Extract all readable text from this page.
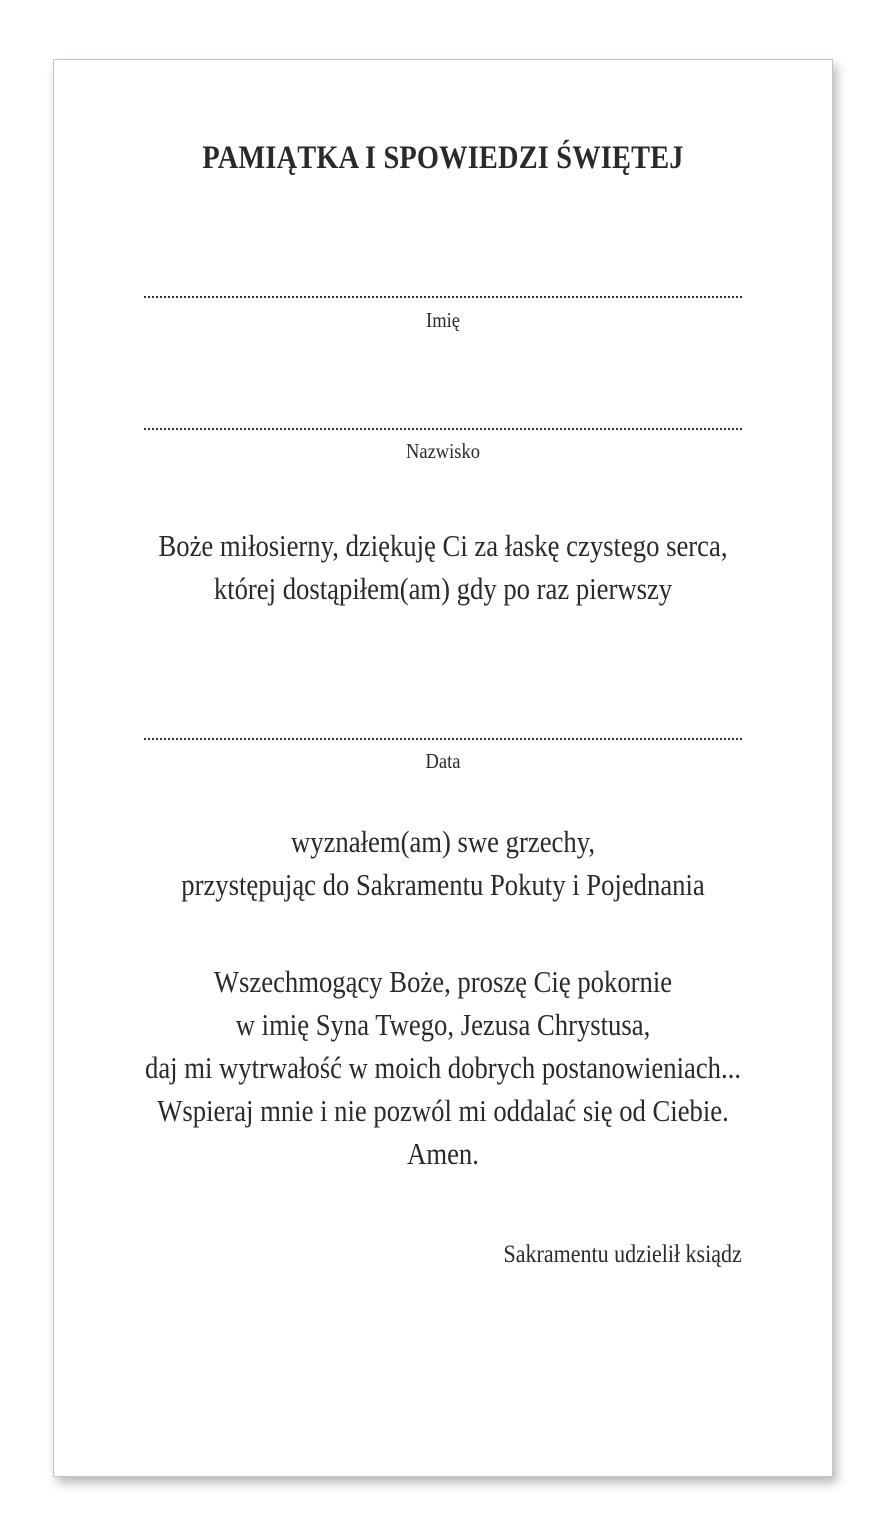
PAMIĄTKA I SPOWIEDZI ŚWIĘTEJ
Imię
Nazwisko
Boże miłosierny, dziękuję Ci za łaskę czystego serca,
której dostąpiłem(am) gdy po raz pierwszy
Data
wyznałem(am) swe grzechy,
przystępując do Sakramentu Pokuty i Pojednania
Wszechmogący Boże, proszę Cię pokornie
w imię Syna Twego, Jezusa Chrystusa,
daj mi wytrwałość w moich dobrych postanowieniach...
Wspieraj mnie i nie pozwól mi oddalać się od Ciebie.
Amen.
Sakramentu udzielił ksiądz
